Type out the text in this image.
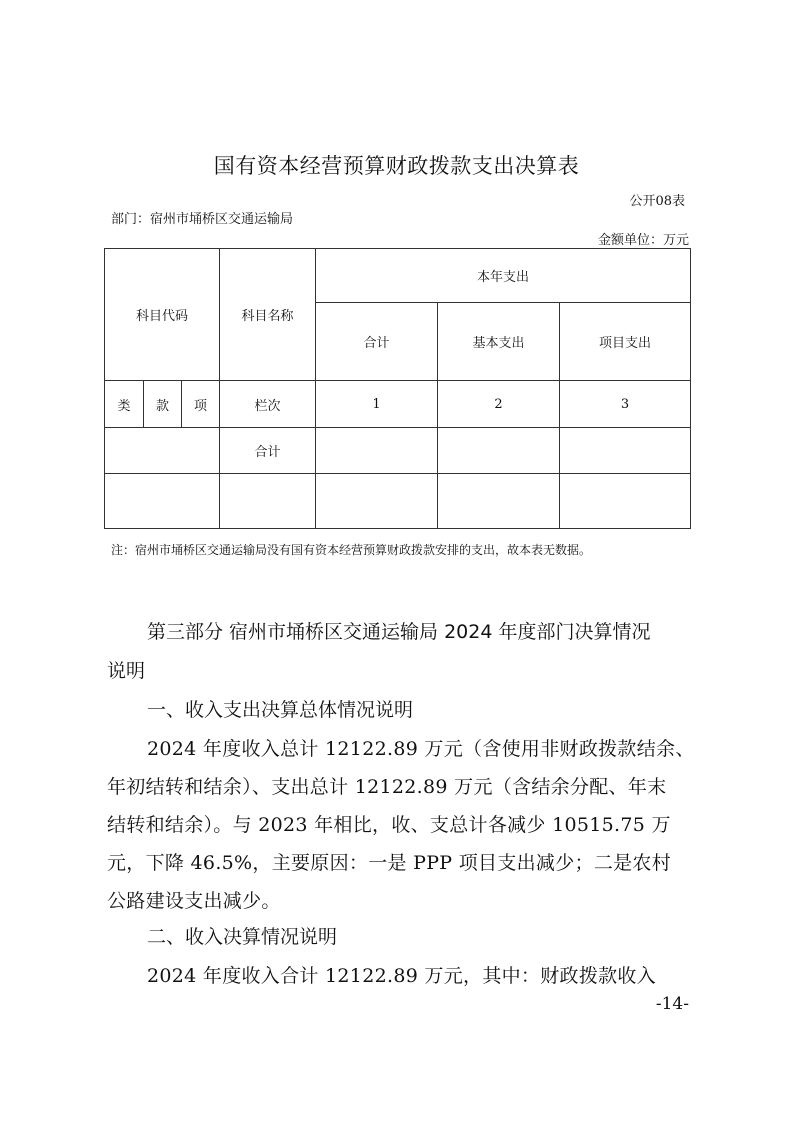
国有资本经营预算财政拨款支出决算表
公开08表
部门：宿州市埇桥区交通运输局
金额单位：万元
科目代码			科目名称	本年支出		
				合计	基本支出	项目支出
类	款	项	栏次	1	2	3
			合计			

注：宿州市埇桥区交通运输局没有国有资本经营预算财政拨款安排的支出，故本表无数据。
第三部分 宿州市埇桥区交通运输局 2024 年度部门决算情况
说明
一、收入支出决算总体情况说明
2024 年度收入总计 12122.89 万元（含使用非财政拨款结余、
年初结转和结余）、支出总计 12122.89 万元（含结余分配、年末
结转和结余）。与 2023 年相比，收、支总计各减少 10515.75 万
元，下降 46.5%，主要原因：一是 PPP 项目支出减少；二是农村
公路建设支出减少。
二、收入决算情况说明
2024 年度收入合计 12122.89 万元，其中：财政拨款收入
-14-
